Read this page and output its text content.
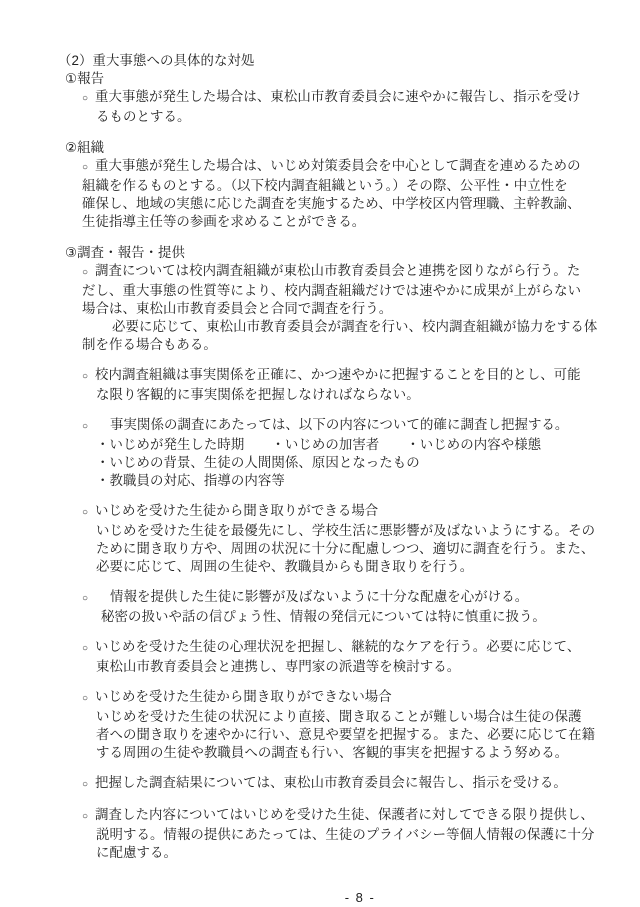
（2）重大事態への具体的な対処
①報告
○ 重大事態が発生した場合は、東松山市教育委員会に速やかに報告し、指示を受け
るものとする。
②組織
○ 重大事態が発生した場合は、いじめ対策委員会を中心として調査を連めるための
組織を作るものとする。（以下校内調査組織という。）その際、公平性・中立性を
確保し、地域の実態に応じた調査を実施するため、中学校区内管理職、主幹教諭、
生徒指導主任等の参画を求めることができる。
③調査・報告・提供
○ 調査については校内調査組織が東松山市教育委員会と連携を図りながら行う。た
だし、重大事態の性質等により、校内調査組織だけでは速やかに成果が上がらない
場合は、東松山市教育委員会と合同で調査を行う。
必要に応じて、東松山市教育委員会が調査を行い、校内調査組織が協力をする体
制を作る場合もある。
○ 校内調査組織は事実関係を正確に、かつ速やかに把握することを目的とし、可能
な限り客観的に事実関係を把握しなければならない。
○ 事実関係の調査にあたっては、以下の内容について的確に調査し把握する。
・いじめが発生した時期　　・いじめの加害者　　・いじめの内容や様態
・いじめの背景、生徒の人間関係、原因となったもの
・教職員の対応、指導の内容等
○ いじめを受けた生徒から聞き取りができる場合
いじめを受けた生徒を最優先にし、学校生活に悪影響が及ばないようにする。その
ために聞き取り方や、周囲の状況に十分に配慮しつつ、適切に調査を行う。また、
必要に応じて、周囲の生徒や、教職員からも聞き取りを行う。
○ 情報を提供した生徒に影響が及ばないように十分な配慮を心がける。
秘密の扱いや話の信ぴょう性、情報の発信元については特に慎重に扱う。
○ いじめを受けた生徒の心理状況を把握し、継続的なケアを行う。必要に応じて、
東松山市教育委員会と連携し、専門家の派遣等を検討する。
○ いじめを受けた生徒から聞き取りができない場合
いじめを受けた生徒の状況により直接、聞き取ることが難しい場合は生徒の保護
者への聞き取りを速やかに行い、意見や要望を把握する。また、必要に応じて在籍
する周囲の生徒や教職員への調査も行い、客観的事実を把握するよう努める。
○ 把握した調査結果については、東松山市教育委員会に報告し、指示を受ける。
○ 調査した内容についてはいじめを受けた生徒、保護者に対してできる限り提供し、
説明する。情報の提供にあたっては、生徒のプライバシー等個人情報の保護に十分
に配慮する。
- 8 -
